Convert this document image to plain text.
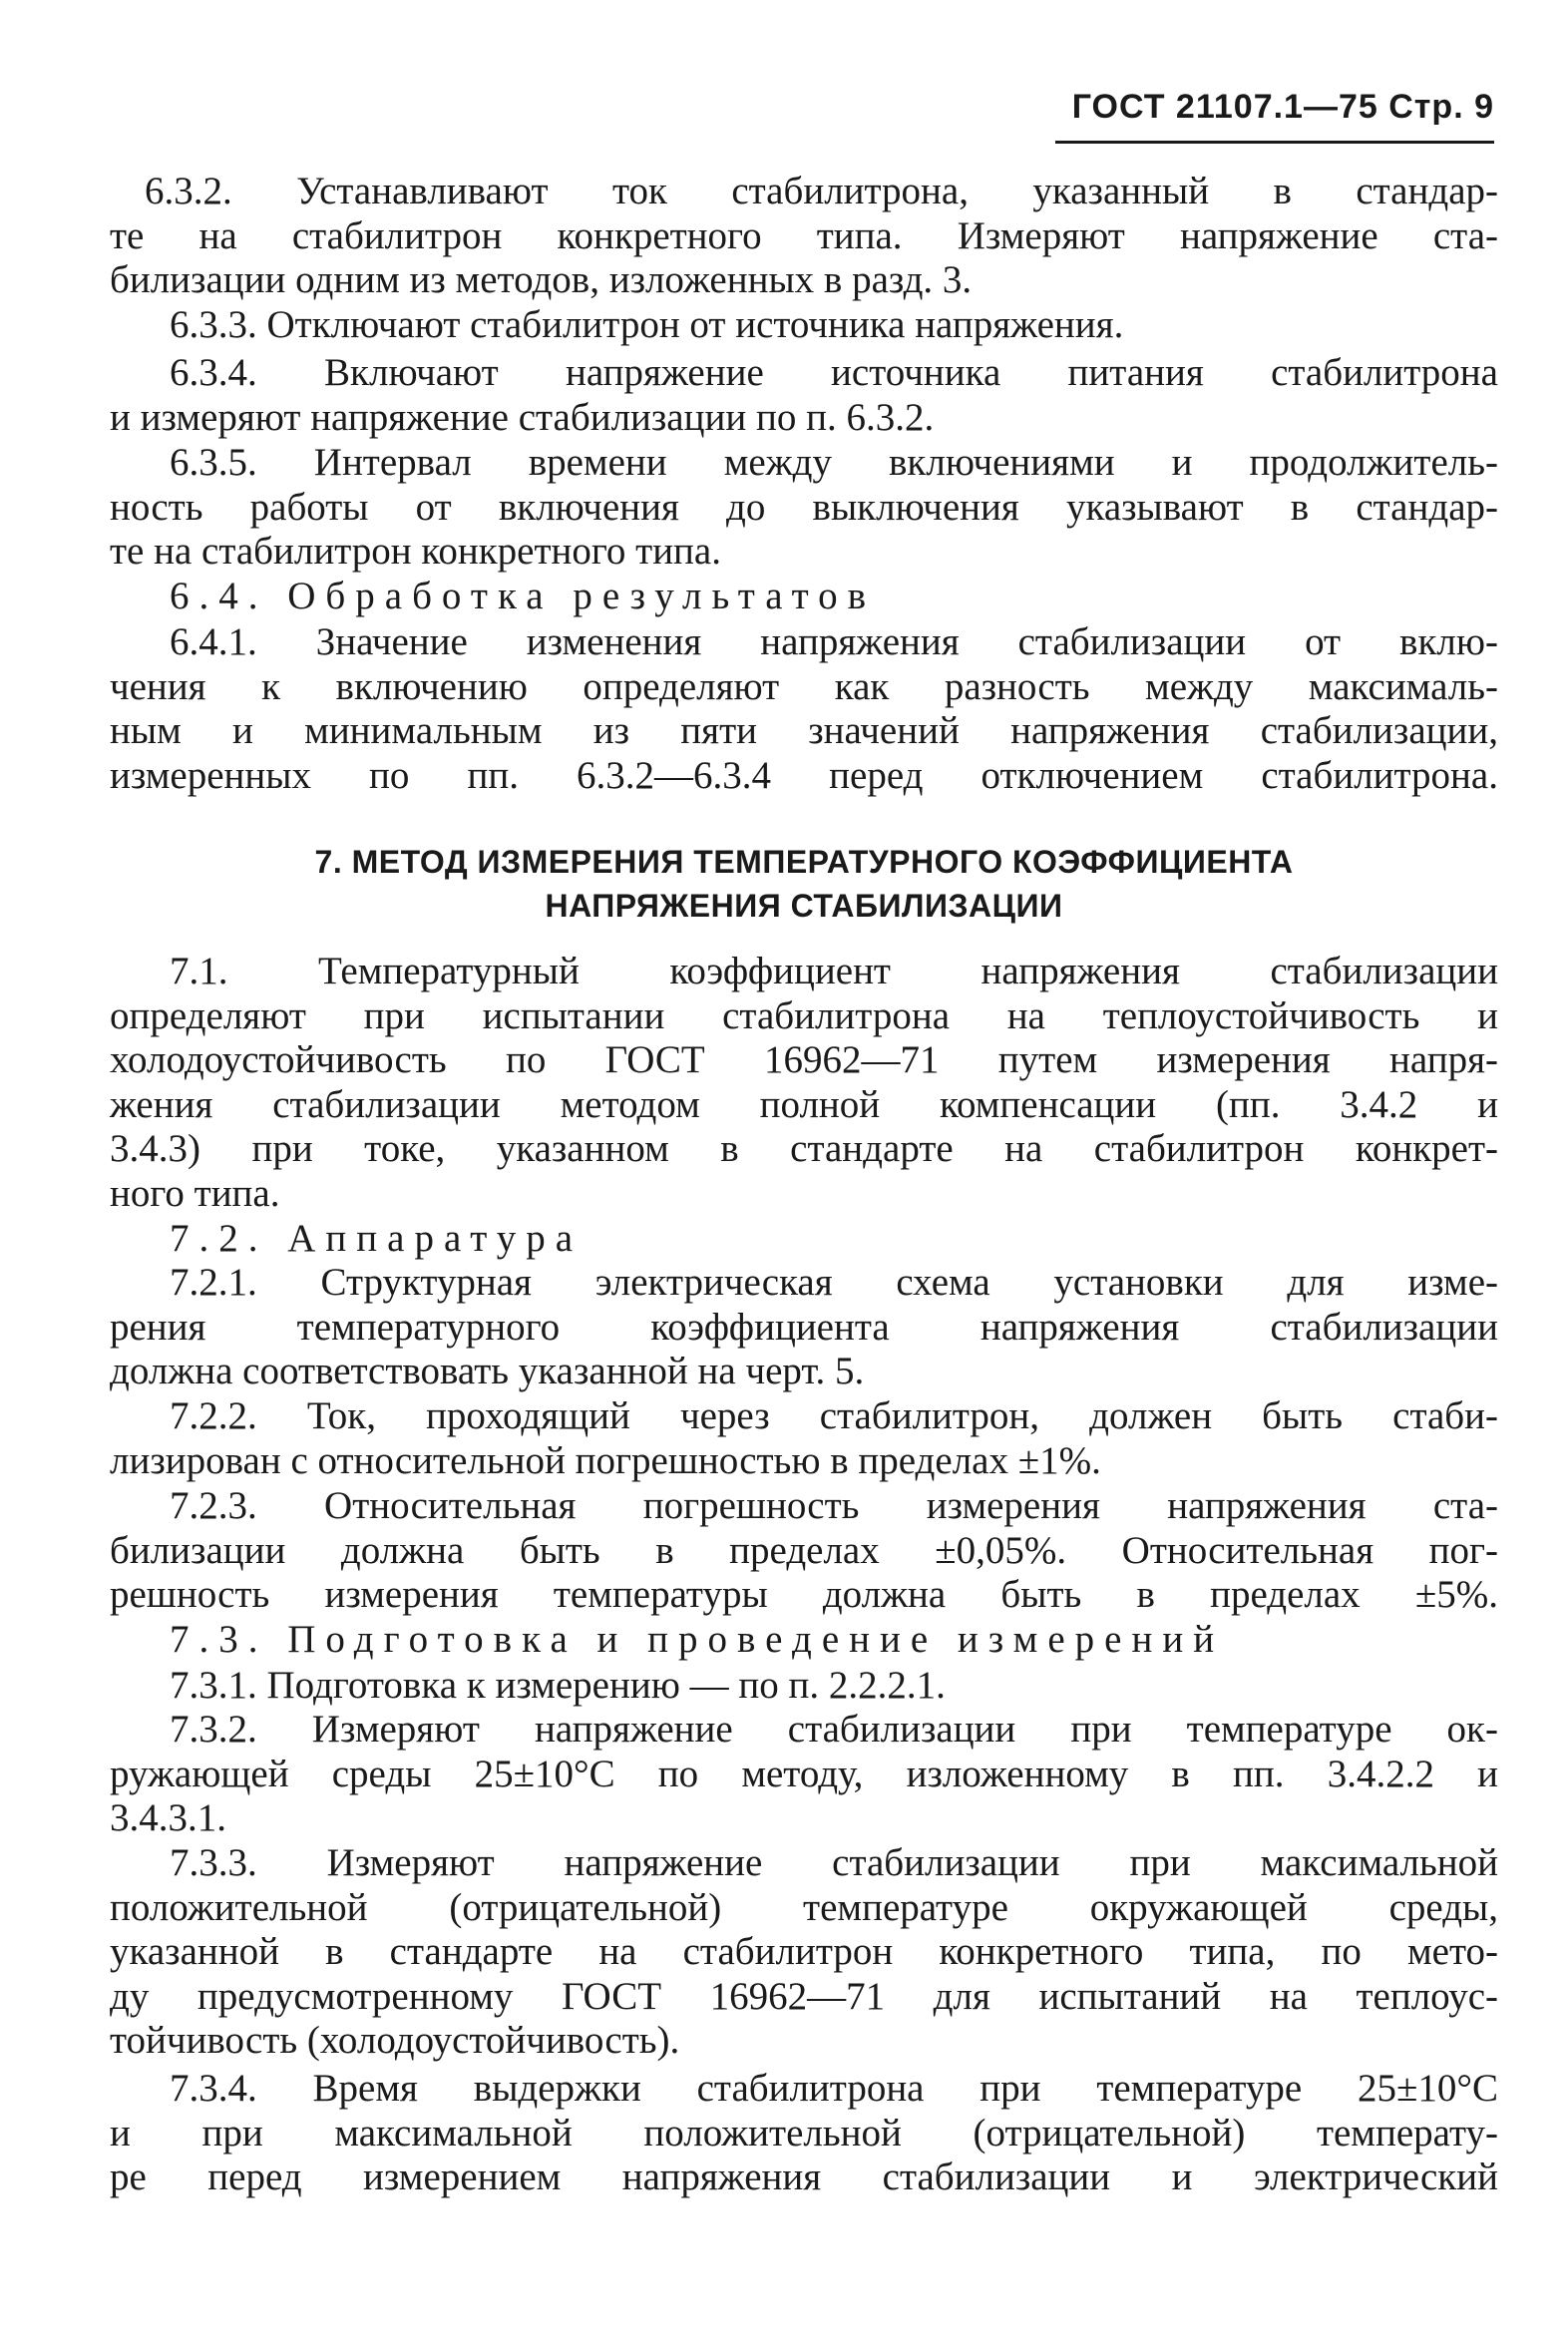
ГОСТ 21107.1—75 Стр. 9
6.3.2. Устанавливают ток стабилитрона, указанный в стандар-
те на стабилитрон конкретного типа. Измеряют напряжение ста-
билизации одним из методов, изложенных в разд. 3.
6.3.3. Отключают стабилитрон от источника напряжения.
6.3.4. Включают напряжение источника питания стабилитрона
и измеряют напряжение стабилизации по п. 6.3.2.
6.3.5. Интервал времени между включениями и продолжитель-
ность работы от включения до выключения указывают в стандар-
те на стабилитрон конкретного типа.
6.4. Обработка результатов
6.4.1. Значение изменения напряжения стабилизации от вклю-
чения к включению определяют как разность между максималь-
ным и минимальным из пяти значений напряжения стабилизации,
измеренных по пп. 6.3.2—6.3.4 перед отключением стабилитрона.
7. МЕТОД ИЗМЕРЕНИЯ ТЕМПЕРАТУРНОГО КОЭФФИЦИЕНТА
НАПРЯЖЕНИЯ СТАБИЛИЗАЦИИ
7.1. Температурный коэффициент напряжения стабилизации
определяют при испытании стабилитрона на теплоустойчивость и
холодоустойчивость по ГОСТ 16962—71 путем измерения напря-
жения стабилизации методом полной компенсации (пп. 3.4.2 и
3.4.3) при токе, указанном в стандарте на стабилитрон конкрет-
ного типа.
7.2. Аппаратура
7.2.1. Структурная электрическая схема установки для изме-
рения температурного коэффициента напряжения стабилизации
должна соответствовать указанной на черт. 5.
7.2.2. Ток, проходящий через стабилитрон, должен быть стаби-
лизирован с относительной погрешностью в пределах ±1%.
7.2.3. Относительная погрешность измерения напряжения ста-
билизации должна быть в пределах ±0,05%. Относительная пог-
решность измерения температуры должна быть в пределах ±5%.
7.3. Подготовка и проведение измерений
7.3.1. Подготовка к измерению — по п. 2.2.2.1.
7.3.2. Измеряют напряжение стабилизации при температуре ок-
ружающей среды 25±10°C по методу, изложенному в пп. 3.4.2.2 и
3.4.3.1.
7.3.3. Измеряют напряжение стабилизации при максимальной
положительной (отрицательной) температуре окружающей среды,
указанной в стандарте на стабилитрон конкретного типа, по мето-
ду предусмотренному ГОСТ 16962—71 для испытаний на теплоус-
тойчивость (холодоустойчивость).
7.3.4. Время выдержки стабилитрона при температуре 25±10°C
и при максимальной положительной (отрицательной) температу-
ре перед измерением напряжения стабилизации и электрический
